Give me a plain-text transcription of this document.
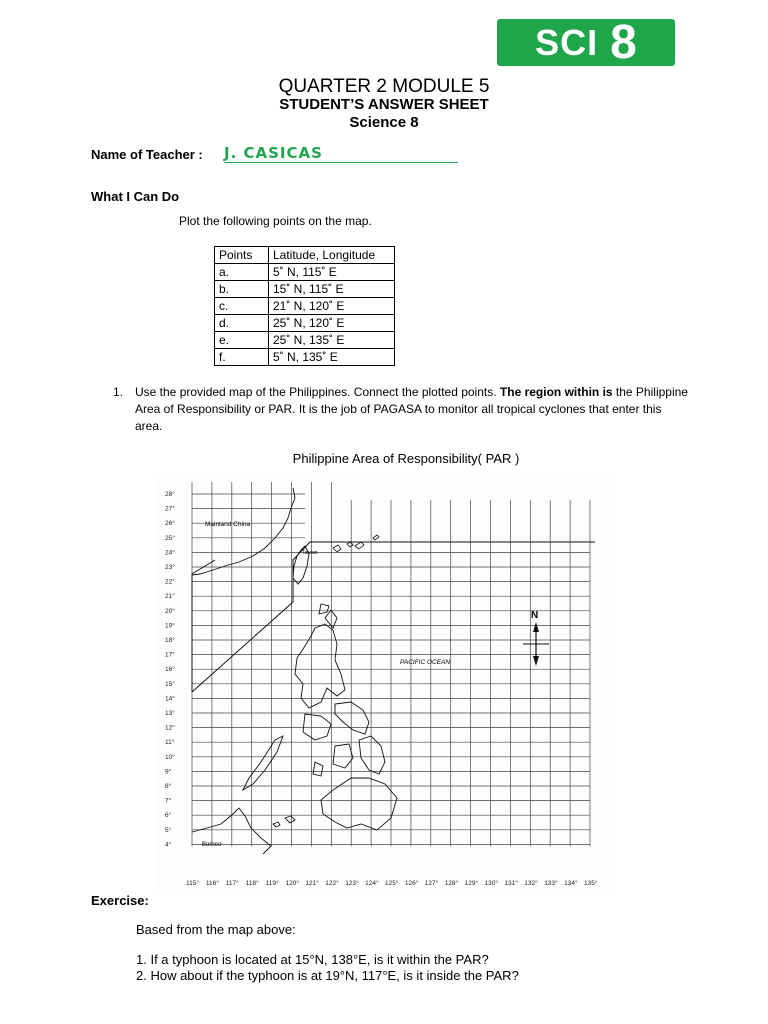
SCI 8
QUARTER 2 MODULE 5
STUDENT’S ANSWER SHEET
Science 8
Name of Teacher : J. CASICAS
What I Can Do
Plot the following points on the map.
Points	Latitude, Longitude
a.	5˚ N, 115˚ E
b.	15˚ N, 115˚ E
c.	21˚ N, 120˚ E
d.	25˚ N, 120˚ E
e.	25˚ N, 135˚ E
f.	5˚ N, 135˚ E
1. Use the provided map of the Philippines. Connect the plotted points. The region within is the Philippine Area of Responsibility or PAR. It is the job of PAGASA to monitor all tropical cyclones that enter this area.
Philippine Area of Responsibility( PAR )
28°
27°
26°
25°
24°
23°
22°
21°
20°
19°
18°
17°
16°
15°
14°
13°
12°
11°
10°
9°
8°
7°
6°
5°
4°
115° 116° 117° 118° 119° 120° 121° 122° 123° 124° 125° 126° 127° 128° 129° 130° 131° 132° 133° 134° 135°
Mainland China
Taiwan
PACIFIC OCEAN
Borneo
N
Exercise:
Based from the map above:
1. If a typhoon is located at 15°N, 138°E, is it within the PAR?
2. How about if the typhoon is at 19°N, 117°E, is it inside the PAR?
